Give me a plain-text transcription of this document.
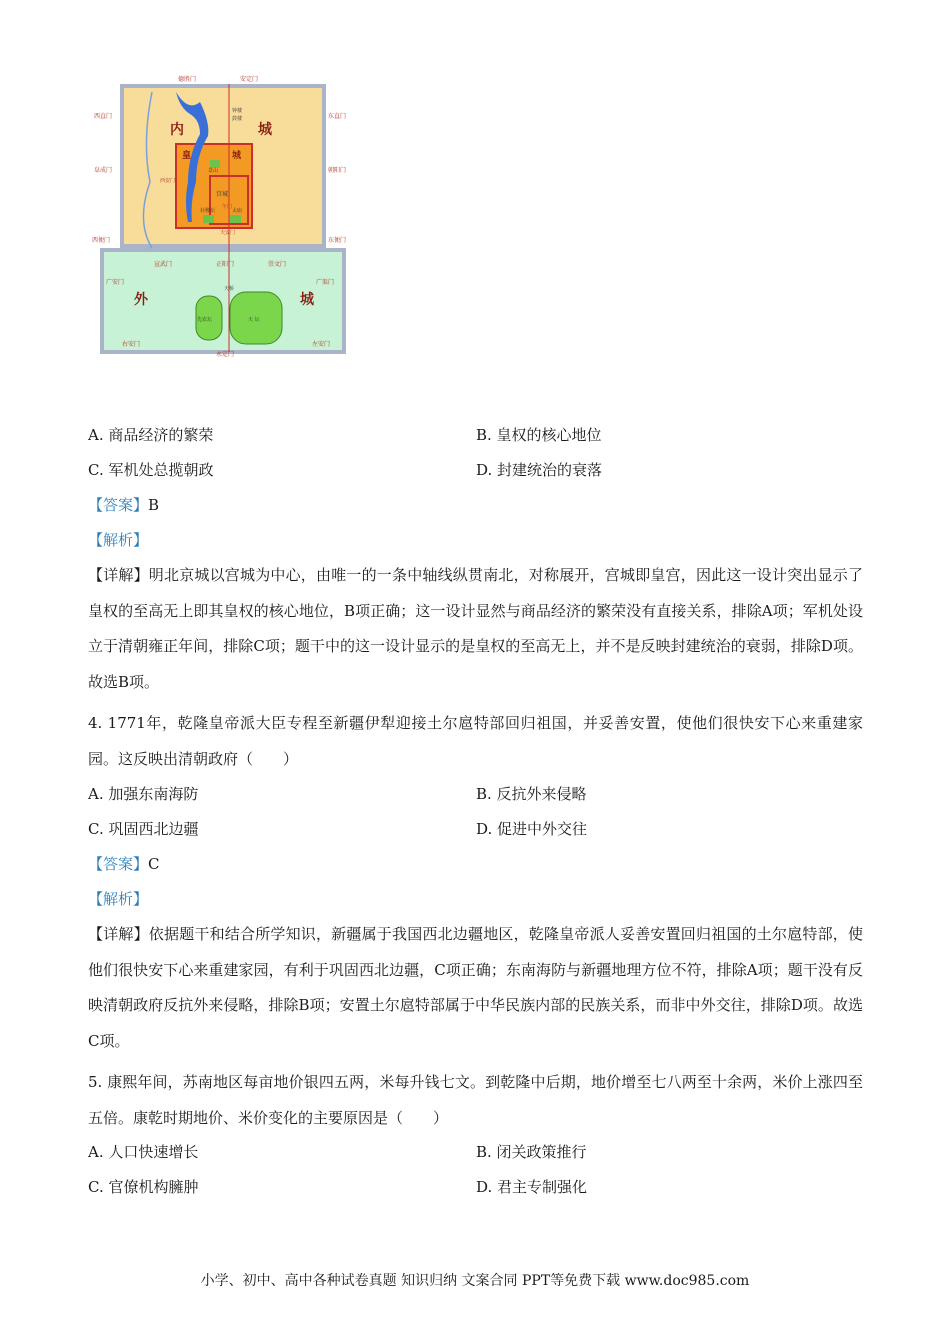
德胜门	安定门
西直门	东直门
阜成门	朝阳门
西便门	东便门
宣武门	正阳门	崇文门
广安门	广渠门
右安门
永定门
左安门
西安门
午门
天安门
内	城
皇	城
外	城
宫城
钟楼
鼓楼
景山
社稷坛	太庙
天桥
先农坛	天 坛
A. 商品经济的繁荣	B. 皇权的核心地位
C. 军机处总揽朝政	D. 封建统治的衰落
【答案】B
【解析】
【详解】明北京城以宫城为中心，由唯一的一条中轴线纵贯南北，对称展开，宫城即皇宫，因此这一设计突出显示了皇权的至高无上即其皇权的核心地位，B项正确；这一设计显然与商品经济的繁荣没有直接关系，排除A项；军机处设立于清朝雍正年间，排除C项；题干中的这一设计显示的是皇权的至高无上，并不是反映封建统治的衰弱，排除D项。故选B项。
4. 1771年，乾隆皇帝派大臣专程至新疆伊犁迎接土尔扈特部回归祖国，并妥善安置，使他们很快安下心来重建家园。这反映出清朝政府（　　）
A. 加强东南海防	B. 反抗外来侵略
C. 巩固西北边疆	D. 促进中外交往
【答案】C
【解析】
【详解】依据题干和结合所学知识，新疆属于我国西北边疆地区，乾隆皇帝派人妥善安置回归祖国的土尔扈特部，使他们很快安下心来重建家园，有利于巩固西北边疆，C项正确；东南海防与新疆地理方位不符，排除A项；题干没有反映清朝政府反抗外来侵略，排除B项；安置土尔扈特部属于中华民族内部的民族关系，而非中外交往，排除D项。故选C项。
5. 康熙年间，苏南地区每亩地价银四五两，米每升钱七文。到乾隆中后期，地价增至七八两至十余两，米价上涨四至五倍。康乾时期地价、米价变化的主要原因是（　　）
A. 人口快速增长	B. 闭关政策推行
C. 官僚机构臃肿	D. 君主专制强化
小学、初中、高中各种试卷真题 知识归纳 文案合同 PPT等免费下载 www.doc985.com
